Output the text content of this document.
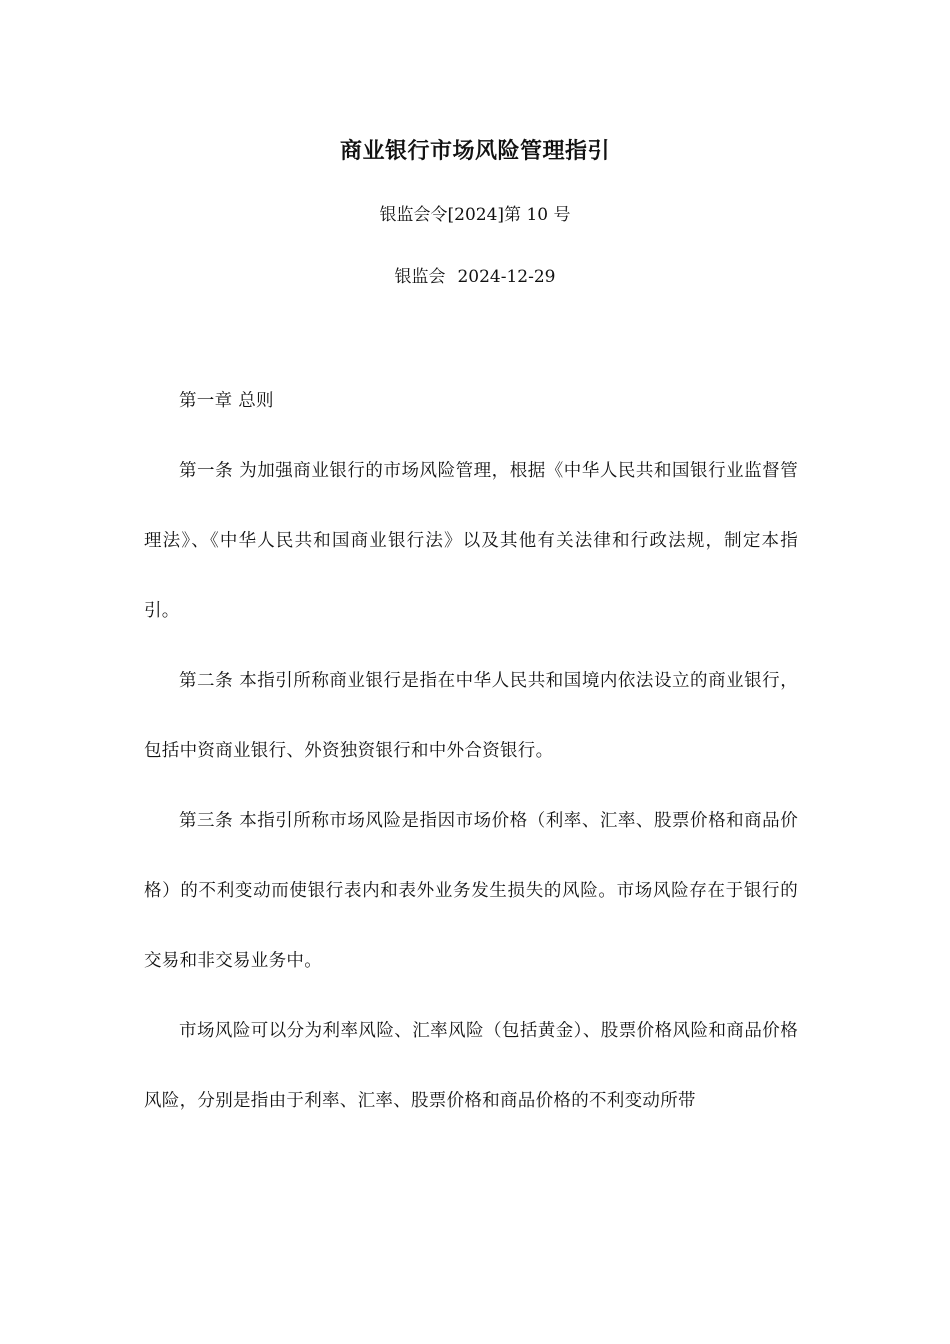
商业银行市场风险管理指引
银监会令[2024]第 10 号
银监会 2024-12-29

第一章 总则

第一条 为加强商业银行的市场风险管理，根据《中华人民共和国银行业监督管理法》、《中华人民共和国商业银行法》以及其他有关法律和行政法规，制定本指引。

第二条 本指引所称商业银行是指在中华人民共和国境内依法设立的商业银行，包括中资商业银行、外资独资银行和中外合资银行。

第三条 本指引所称市场风险是指因市场价格（利率、汇率、股票价格和商品价格）的不利变动而使银行表内和表外业务发生损失的风险。市场风险存在于银行的交易和非交易业务中。

市场风险可以分为利率风险、汇率风险（包括黄金）、股票价格风险和商品价格风险，分别是指由于利率、汇率、股票价格和商品价格的不利变动所带
